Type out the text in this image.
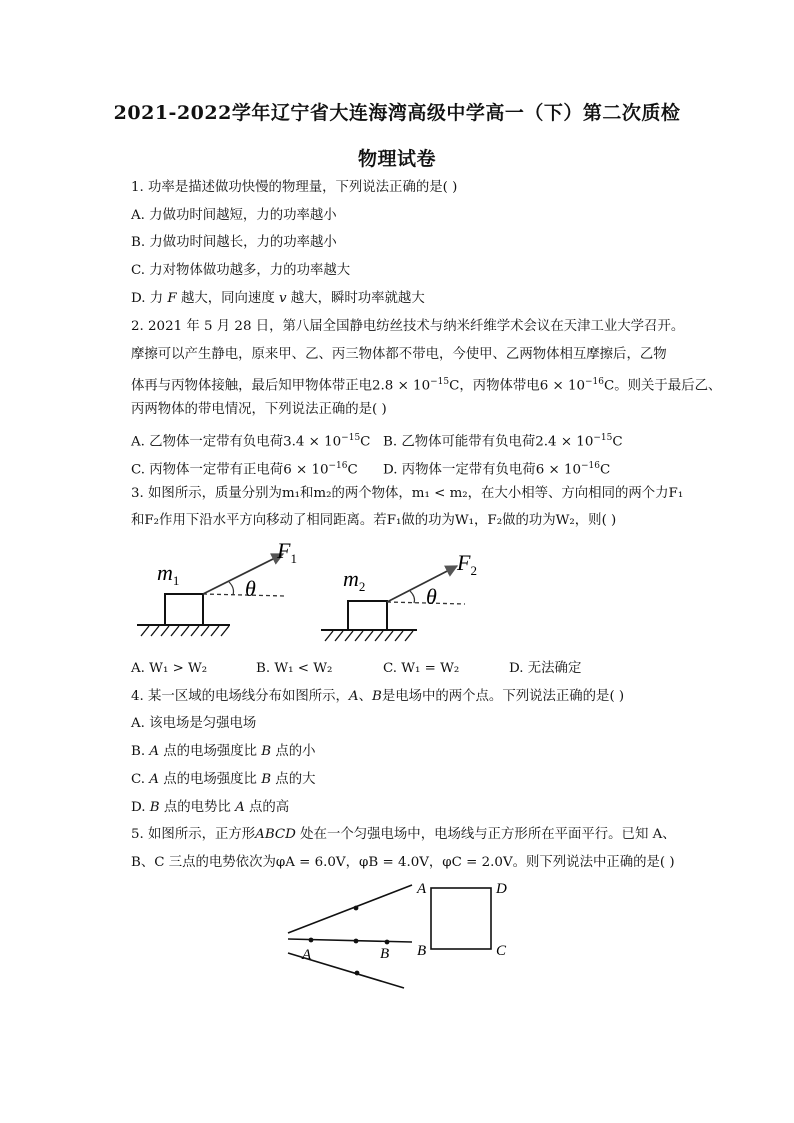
2021-2022学年辽宁省大连海湾高级中学高一（下）第二次质检
物理试卷
1. 功率是描述做功快慢的物理量，下列说法正确的是( )
A. 力做功时间越短，力的功率越小
B. 力做功时间越长，力的功率越小
C. 力对物体做功越多，力的功率越大
D. 力 F 越大，同向速度 v 越大，瞬时功率就越大
2. 2021 年 5 月 28 日，第八届全国静电纺丝技术与纳米纤维学术会议在天津工业大学召开。
摩擦可以产生静电，原来甲、乙、丙三物体都不带电，今使甲、乙两物体相互摩擦后，乙物
体再与丙物体接触，最后知甲物体带正电$2.8 \times 10^{-15}C$，丙物体带电$6 \times 10^{-16}C$。则关于最后乙、
丙两物体的带电情况，下列说法正确的是( )
A. 乙物体一定带有负电荷$3.4 \times 10^{-15}C$ B. 乙物体可能带有负电荷$2.4 \times 10^{-15}C$
C. 丙物体一定带有正电荷$6 \times 10^{-16}C$ D. 丙物体一定带有负电荷$6 \times 10^{-16}C$
3. 如图所示，质量分别为m₁和m₂的两个物体，m₁ < m₂，在大小相等、方向相同的两个力F₁
和F₂作用下沿水平方向移动了相同距离。若F₁做的功为W₁，F₂做的功为W₂，则( )
$m_1$
$F_1$
θ	$m_2$
$F_2$
θ
A. W₁ > W₂	B. W₁ < W₂	C. W₁ = W₂	D. 无法确定
4. 某一区域的电场线分布如图所示，A、B是电场中的两个点。下列说法正确的是( )
A. 该电场是匀强电场
B. A 点的电场强度比 B 点的小
C. A 点的电场强度比 B 点的大
D. B 点的电势比 A 点的高
5. 如图所示，正方形ABCD 处在一个匀强电场中，电场线与正方形所在平面平行。已知 A、
B、C 三点的电势依次为φA = 6.0V，φB = 4.0V，φC = 2.0V。则下列说法中正确的是( )
A	B
A	D
B	C
